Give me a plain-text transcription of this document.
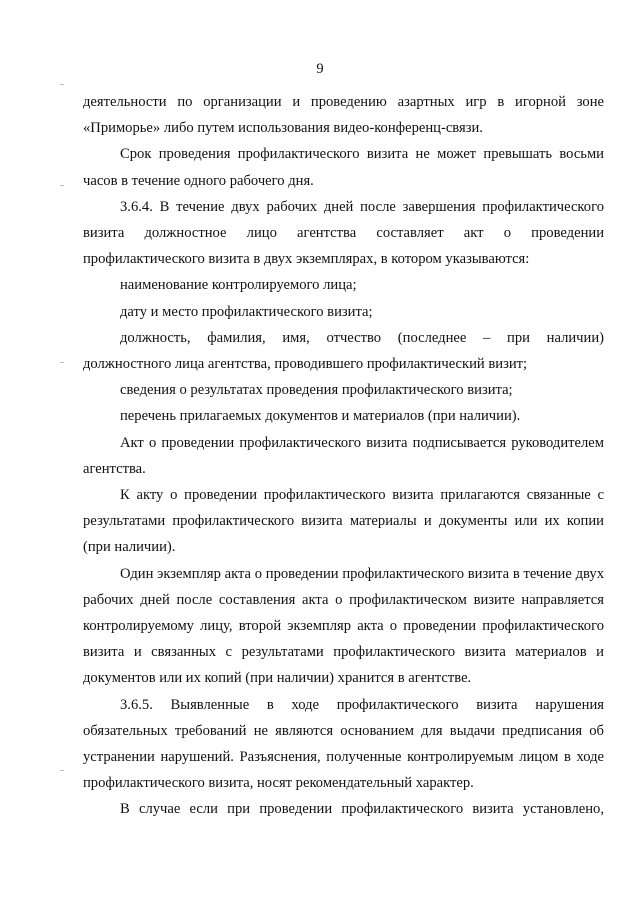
9

деятельности по организации и проведению азартных игр в игорной зоне «Приморье» либо путем использования видео-конференц-связи.

Срок проведения профилактического визита не может превышать восьми часов в течение одного рабочего дня.

3.6.4. В течение двух рабочих дней после завершения профилактического визита должностное лицо агентства составляет акт о проведении профилактического визита в двух экземплярах, в котором указываются:

наименование контролируемого лица;

дату и место профилактического визита;

должность, фамилия, имя, отчество (последнее – при наличии) должностного лица агентства, проводившего профилактический визит;

сведения о результатах проведения профилактического визита;

перечень прилагаемых документов и материалов (при наличии).

Акт о проведении профилактического визита подписывается руководителем агентства.

К акту о проведении профилактического визита прилагаются связанные с результатами профилактического визита материалы и документы или их копии (при наличии).

Один экземпляр акта о проведении профилактического визита в течение двух рабочих дней после составления акта о профилактическом визите направляется контролируемому лицу, второй экземпляр акта о проведении профилактического визита и связанных с результатами профилактического визита материалов и документов или их копий (при наличии) хранится в агентстве.

3.6.5. Выявленные в ходе профилактического визита нарушения обязательных требований не являются основанием для выдачи предписания об устранении нарушений. Разъяснения, полученные контролируемым лицом в ходе профилактического визита, носят рекомендательный характер.

В случае если при проведении профилактического визита установлено,
